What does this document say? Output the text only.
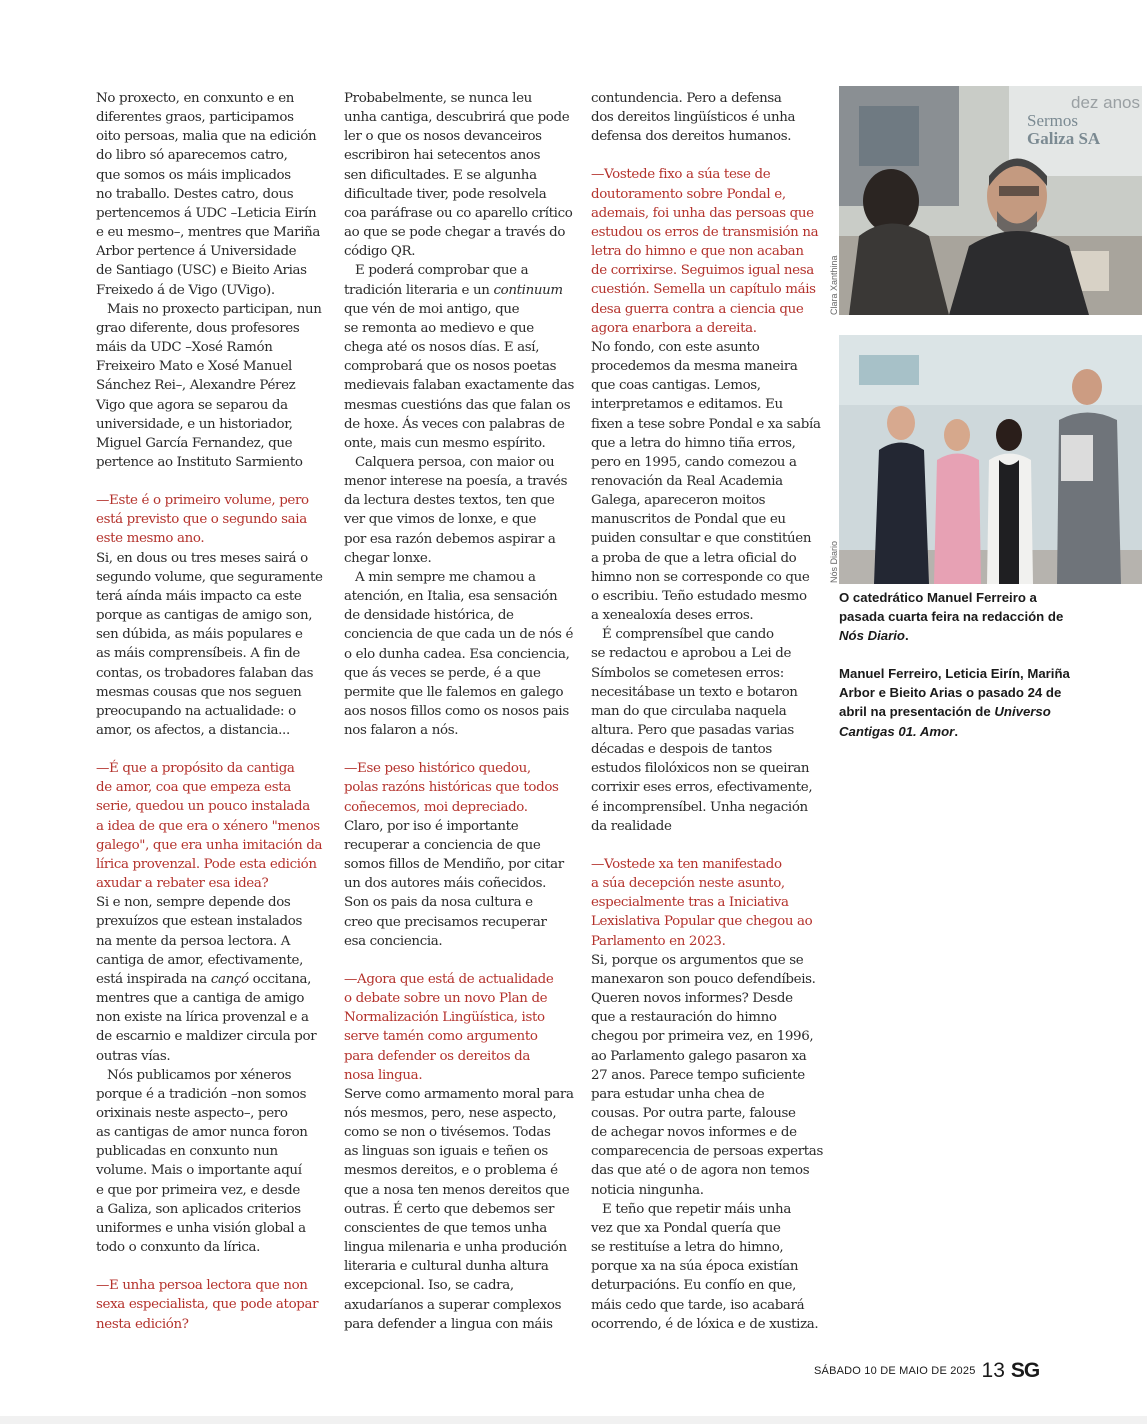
No proxecto, en conxunto e en
diferentes graos, participamos
oito persoas, malia que na edición
do libro só aparecemos catro,
que somos os máis implicados
no traballo. Destes catro, dous
pertencemos á UDC –Leticia Eirín
e eu mesmo–, mentres que Mariña
Arbor pertence á Universidade
de Santiago (USC) e Bieito Arias
Freixedo á de Vigo (UVigo).

Mais no proxecto participan, nun
grao diferente, dous profesores
máis da UDC –Xosé Ramón
Freixeiro Mato e Xosé Manuel
Sánchez Rei–, Alexandre Pérez
Vigo que agora se separou da
universidade, e un historiador,
Miguel García Fernandez, que
pertence ao Instituto Sarmiento

—Este é o primeiro volume, pero
está previsto que o segundo saia
este mesmo ano.

Si, en dous ou tres meses sairá o
segundo volume, que seguramente
terá aínda máis impacto ca este
porque as cantigas de amigo son,
sen dúbida, as máis populares e
as máis comprensíbeis. A fin de
contas, os trobadores falaban das
mesmas cousas que nos seguen
preocupando na actualidade: o
amor, os afectos, a distancia...

—É que a propósito da cantiga
de amor, coa que empeza esta
serie, quedou un pouco instalada
a idea de que era o xénero "menos
galego", que era unha imitación da
lírica provenzal. Pode esta edición
axudar a rebater esa idea?

Si e non, sempre depende dos
prexuízos que estean instalados
na mente da persoa lectora. A
cantiga de amor, efectivamente,
está inspirada na cançó occitana,
mentres que a cantiga de amigo
non existe na lírica provenzal e a
de escarnio e maldizer circula por
outras vías.

Nós publicamos por xéneros
porque é a tradición –non somos
orixinais neste aspecto–, pero
as cantigas de amor nunca foron
publicadas en conxunto nun
volume. Mais o importante aquí
e que por primeira vez, e desde
a Galiza, son aplicados criterios
uniformes e unha visión global a
todo o conxunto da lírica.

—E unha persoa lectora que non
sexa especialista, que pode atopar
nesta edición?

Probabelmente, se nunca leu
unha cantiga, descubrirá que pode
ler o que os nosos devanceiros
escribiron hai setecentos anos
sen dificultades. E se algunha
dificultade tiver, pode resolvela
coa paráfrase ou co aparello crítico
ao que se pode chegar a través do
código QR.

E poderá comprobar que a
tradición literaria e un continuum
que vén de moi antigo, que
se remonta ao medievo e que
chega até os nosos días. E así,
comprobará que os nosos poetas
medievais falaban exactamente das
mesmas cuestións das que falan os
de hoxe. Ás veces con palabras de
onte, mais cun mesmo espírito.

Calquera persoa, con maior ou
menor interese na poesía, a través
da lectura destes textos, ten que
ver que vimos de lonxe, e que
por esa razón debemos aspirar a
chegar lonxe.

A min sempre me chamou a
atención, en Italia, esa sensación
de densidade histórica, de
conciencia de que cada un de nós é
o elo dunha cadea. Esa conciencia,
que ás veces se perde, é a que
permite que lle falemos en galego
aos nosos fillos como os nosos pais
nos falaron a nós.

—Ese peso histórico quedou,
polas razóns históricas que todos
coñecemos, moi depreciado.

Claro, por iso é importante
recuperar a conciencia de que
somos fillos de Mendiño, por citar
un dos autores máis coñecidos.
Son os pais da nosa cultura e
creo que precisamos recuperar
esa conciencia.

—Agora que está de actualidade
o debate sobre un novo Plan de
Normalización Lingüística, isto
serve tamén como argumento
para defender os dereitos da
nosa lingua.

Serve como armamento moral para
nós mesmos, pero, nese aspecto,
como se non o tivésemos. Todas
as linguas son iguais e teñen os
mesmos dereitos, e o problema é
que a nosa ten menos dereitos que
outras. É certo que debemos ser
conscientes de que temos unha
lingua milenaria e unha produción
literaria e cultural dunha altura
excepcional. Iso, se cadra,
axudaríanos a superar complexos
para defender a lingua con máis

contundencia. Pero a defensa
dos dereitos lingüísticos é unha
defensa dos dereitos humanos.

—Vostede fixo a súa tese de
doutoramento sobre Pondal e,
ademais, foi unha das persoas que
estudou os erros de transmisión na
letra do himno e que non acaban
de corrixirse. Seguimos igual nesa
cuestión. Semella un capítulo máis
desa guerra contra a ciencia que
agora enarbora a dereita.

No fondo, con este asunto
procedemos da mesma maneira
que coas cantigas. Lemos,
interpretamos e editamos. Eu
fixen a tese sobre Pondal e xa sabía
que a letra do himno tiña erros,
pero en 1995, cando comezou a
renovación da Real Academia
Galega, apareceron moitos
manuscritos de Pondal que eu
puiden consultar e que constitúen
a proba de que a letra oficial do
himno non se corresponde co que
o escribiu. Teño estudado mesmo
a xenealoxía deses erros.

É comprensíbel que cando
se redactou e aprobou a Lei de
Símbolos se cometesen erros:
necesitábase un texto e botaron
man do que circulaba naquela
altura. Pero que pasadas varias
décadas e despois de tantos
estudos filolóxicos non se queiran
corrixir eses erros, efectivamente,
é incomprensíbel. Unha negación
da realidade

—Vostede xa ten manifestado
a súa decepción neste asunto,
especialmente tras a Iniciativa
Lexislativa Popular que chegou ao
Parlamento en 2023.

Si, porque os argumentos que se
manexaron son pouco defendíbeis.
Queren novos informes? Desde
que a restauración do himno
chegou por primeira vez, en 1996,
ao Parlamento galego pasaron xa
27 anos. Parece tempo suficiente
para estudar unha chea de
cousas. Por outra parte, falouse
de achegar novos informes e de
comparecencia de persoas expertas
das que até o de agora non temos
noticia ningunha.

E teño que repetir máis unha
vez que xa Pondal quería que
se restituíse a letra do himno,
porque xa na súa época existían
deturpacións. Eu confío en que,
máis cedo que tarde, iso acabará
ocorrendo, é de lóxica e de xustiza.

dez anos
Sermos
Galiza SA
Clara Xanthina
Nós Diario
O catedrático Manuel Ferreiro a pasada cuarta feira na redacción de Nós Diario.
Manuel Ferreiro, Leticia Eirín, Mariña Arbor e Bieito Arias o pasado 24 de abril na presentación de Universo Cantigas 01. Amor.
SÁBADO 10 DE MAIO DE 2025 13 SG
